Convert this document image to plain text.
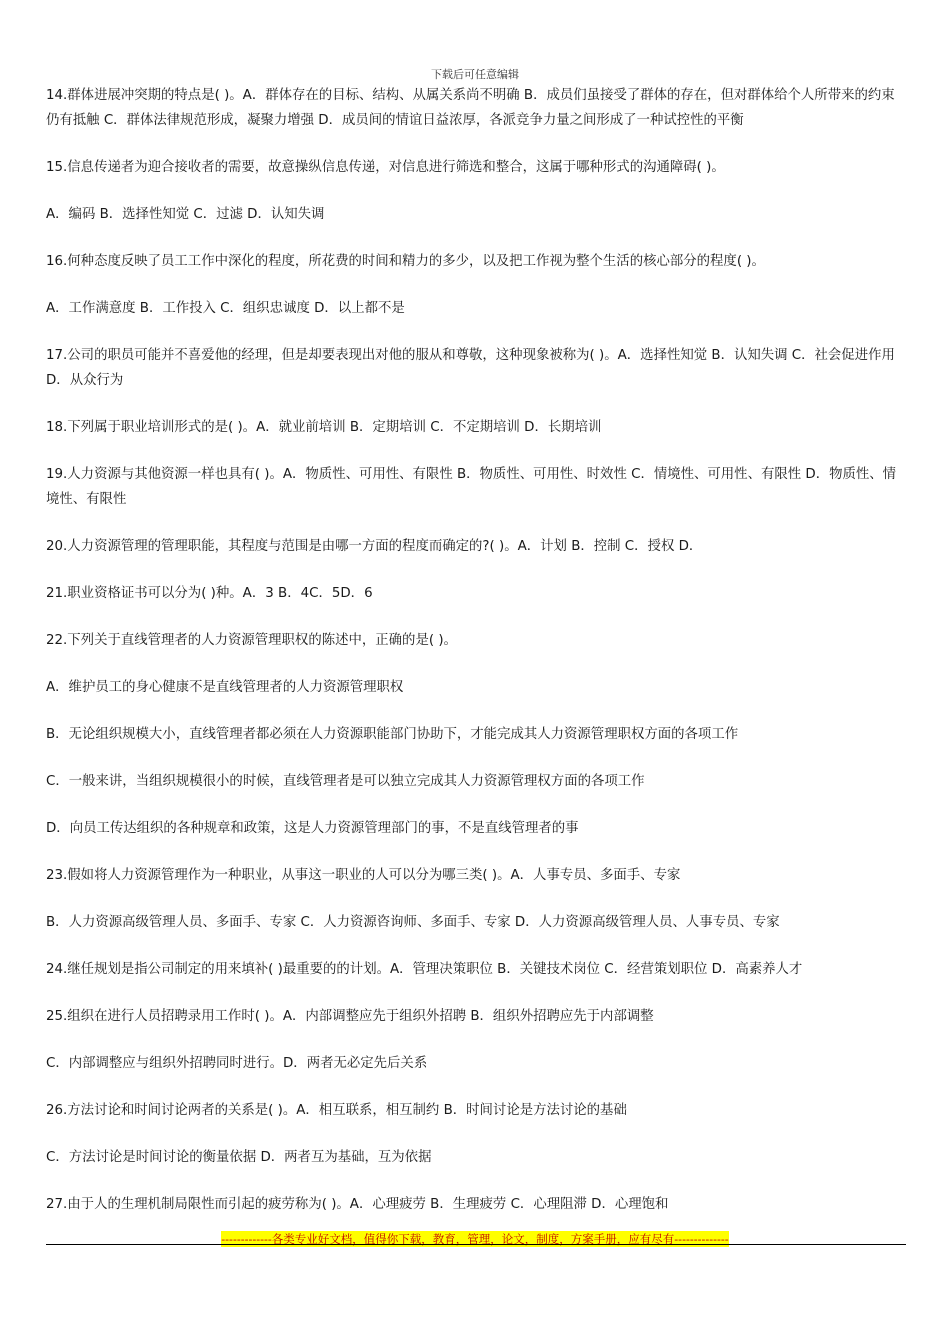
下载后可任意编辑

14.群体进展冲突期的特点是( )。A．群体存在的目标、结构、从属关系尚不明确 B．成员们虽接受了群体的存在，但对群体给个人所带来的约束仍有抵触 C．群体法律规范形成，凝聚力增强 D．成员间的情谊日益浓厚，各派竞争力量之间形成了一种试控性的平衡

15.信息传递者为迎合接收者的需要，故意操纵信息传递，对信息进行筛选和整合，这属于哪种形式的沟通障碍( )。

A．编码 B．选择性知觉 C．过滤 D．认知失调

16.何种态度反映了员工工作中深化的程度，所花费的时间和精力的多少，以及把工作视为整个生活的核心部分的程度( )。

A．工作满意度 B．工作投入 C．组织忠诚度 D．以上都不是

17.公司的职员可能并不喜爱他的经理，但是却要表现出对他的服从和尊敬，这种现象被称为( )。A．选择性知觉 B．认知失调 C．社会促进作用 D．从众行为

18.下列属于职业培训形式的是( )。A．就业前培训 B．定期培训 C．不定期培训 D．长期培训

19.人力资源与其他资源一样也具有( )。A．物质性、可用性、有限性 B．物质性、可用性、时效性 C．情境性、可用性、有限性 D．物质性、情境性、有限性

20.人力资源管理的管理职能，其程度与范围是由哪一方面的程度而确定的?( )。A．计划 B．控制 C．授权 D．

21.职业资格证书可以分为( )种。A．3 B．4C．5D．6

22.下列关于直线管理者的人力资源管理职权的陈述中，正确的是( )。

A．维护员工的身心健康不是直线管理者的人力资源管理职权

B．无论组织规模大小，直线管理者都必须在人力资源职能部门协助下，才能完成其人力资源管理职权方面的各项工作

C．一般来讲，当组织规模很小的时候，直线管理者是可以独立完成其人力资源管理权方面的各项工作

D．向员工传达组织的各种规章和政策，这是人力资源管理部门的事，不是直线管理者的事

23.假如将人力资源管理作为一种职业，从事这一职业的人可以分为哪三类( )。A．人事专员、多面手、专家

B．人力资源高级管理人员、多面手、专家 C．人力资源咨询师、多面手、专家 D．人力资源高级管理人员、人事专员、专家

24.继任规划是指公司制定的用来填补( )最重要的的计划。A．管理决策职位 B．关键技术岗位 C．经营策划职位 D．高素养人才

25.组织在进行人员招聘录用工作时( )。A．内部调整应先于组织外招聘 B．组织外招聘应先于内部调整

C．内部调整应与组织外招聘同时进行。D．两者无必定先后关系

26.方法讨论和时间讨论两者的关系是( )。A．相互联系，相互制约 B．时间讨论是方法讨论的基础

C．方法讨论是时间讨论的衡量依据 D．两者互为基础，互为依据

27.由于人的生理机制局限性而引起的疲劳称为( )。A．心理疲劳 B．生理疲劳 C．心理阻滞 D．心理饱和

-------------各类专业好文档，值得你下载，教育，管理，论文，制度，方案手册，应有尽有--------------
